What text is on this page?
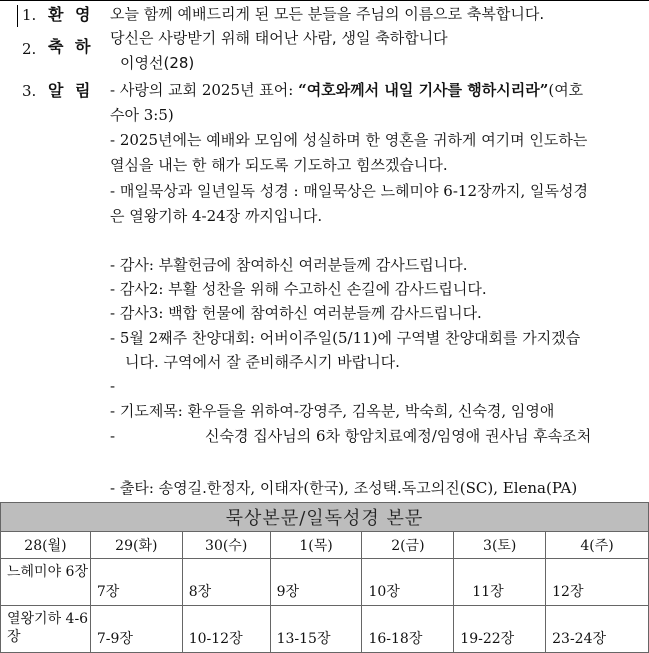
1. 환 영 오늘 함께 예배드리게 된 모든 분들을 주님의 이름으로 축복합니다.
2. 축 하 당신은 사랑받기 위해 태어난 사람, 생일 축하합니다
이영선(28)
3. 알 림 - 사랑의 교회 2025년 표어: “여호와께서 내일 기사를 행하시리라”(여호
수아 3:5)
- 2025년에는 예배와 모임에 성실하며 한 영혼을 귀하게 여기며 인도하는
열심을 내는 한 해가 되도록 기도하고 힘쓰겠습니다.
- 매일묵상과 일년일독 성경 : 매일묵상은 느헤미야 6-12장까지, 일독성경
은 열왕기하 4-24장 까지입니다.
- 감사: 부활헌금에 참여하신 여러분들께 감사드립니다.
- 감사2: 부활 성찬을 위해 수고하신 손길에 감사드립니다.
- 감사3: 백합 헌물에 참여하신 여러분들께 감사드립니다.
- 5월 2째주 찬양대회: 어버이주일(5/11)에 구역별 찬양대회를 가지겠습
니다. 구역에서 잘 준비해주시기 바랍니다.
-
- 기도제목: 환우들을 위하여-강영주, 김옥분, 박숙희, 신숙경, 임영애
-	신숙경 집사님의 6차 항암치료예정/임영애 권사님 후속조처
- 출타: 송영길.한정자, 이태자(한국), 조성택.독고의진(SC), Elena(PA)
묵상본문/일독성경 본문						
28(월)	29(화)	30(수)	1(목)	2(금)	3(토)	4(주)
느헤미야 6장	7장	8장	9장	10장	11장	12장
열왕기하 4-6장	7-9장	10-12장	13-15장	16-18장	19-22장	23-24장
